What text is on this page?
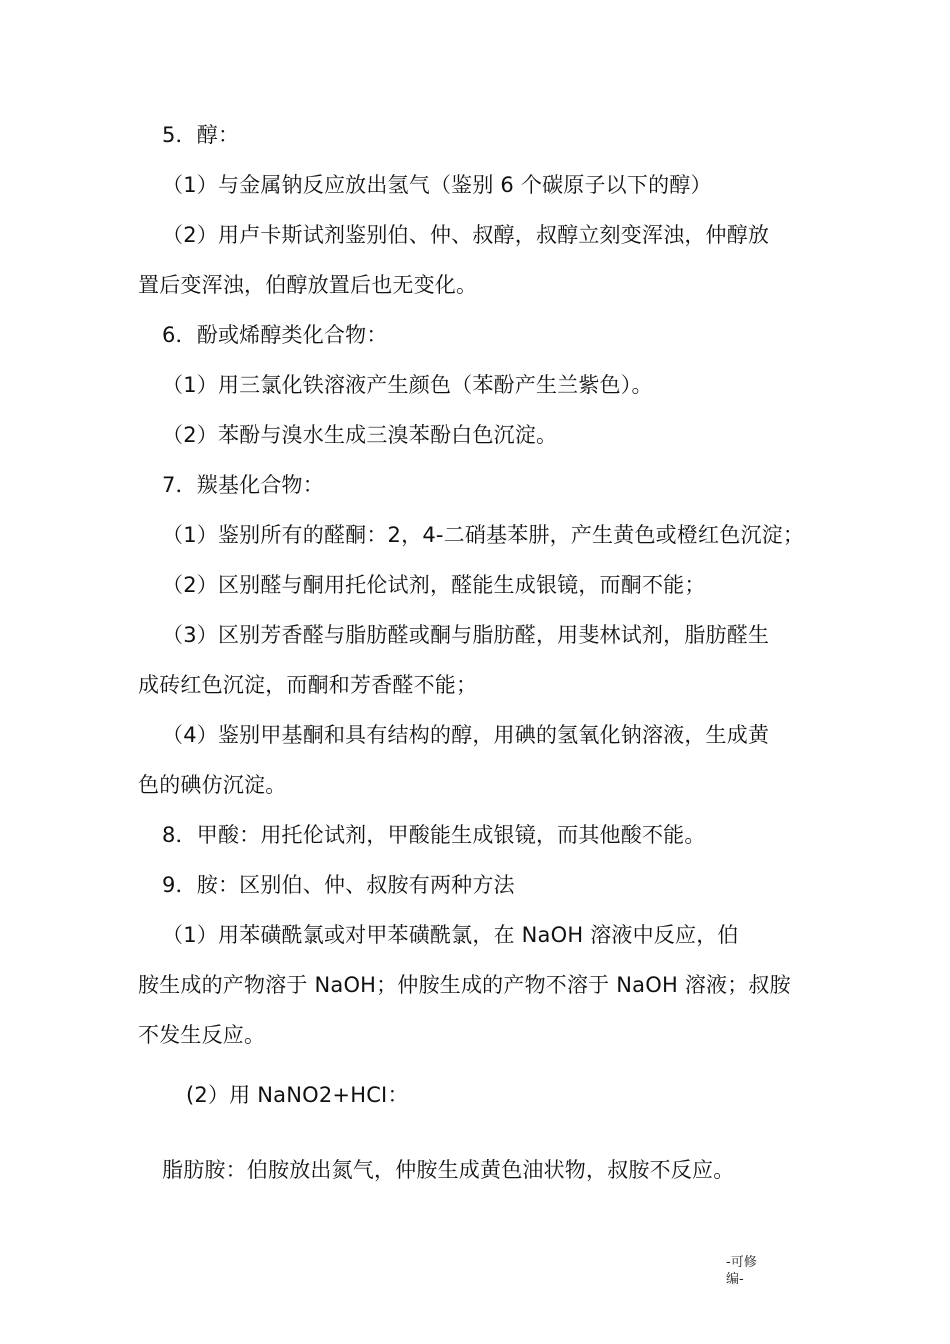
5．醇：
（1）与金属钠反应放出氢气（鉴别 6 个碳原子以下的醇）
（2）用卢卡斯试剂鉴别伯、仲、叔醇，叔醇立刻变浑浊，仲醇放
置后变浑浊，伯醇放置后也无变化。
6．酚或烯醇类化合物：
（1）用三氯化铁溶液产生颜色（苯酚产生兰紫色）。
（2）苯酚与溴水生成三溴苯酚白色沉淀。
7．羰基化合物：
（1）鉴别所有的醛酮：2，4-二硝基苯肼，产生黄色或橙红色沉淀；
（2）区别醛与酮用托伦试剂，醛能生成银镜，而酮不能；
（3）区别芳香醛与脂肪醛或酮与脂肪醛，用斐林试剂，脂肪醛生
成砖红色沉淀，而酮和芳香醛不能；
（4）鉴别甲基酮和具有结构的醇，用碘的氢氧化钠溶液，生成黄
色的碘仿沉淀。
8．甲酸：用托伦试剂，甲酸能生成银镜，而其他酸不能。
9．胺：区别伯、仲、叔胺有两种方法
（1）用苯磺酰氯或对甲苯磺酰氯，在 NaOH 溶液中反应，伯
胺生成的产物溶于 NaOH；仲胺生成的产物不溶于 NaOH 溶液；叔胺
不发生反应。
(2）用 NaNO2+HCI：
脂肪胺：伯胺放出氮气，仲胺生成黄色油状物，叔胺不反应。
-可修
编-
